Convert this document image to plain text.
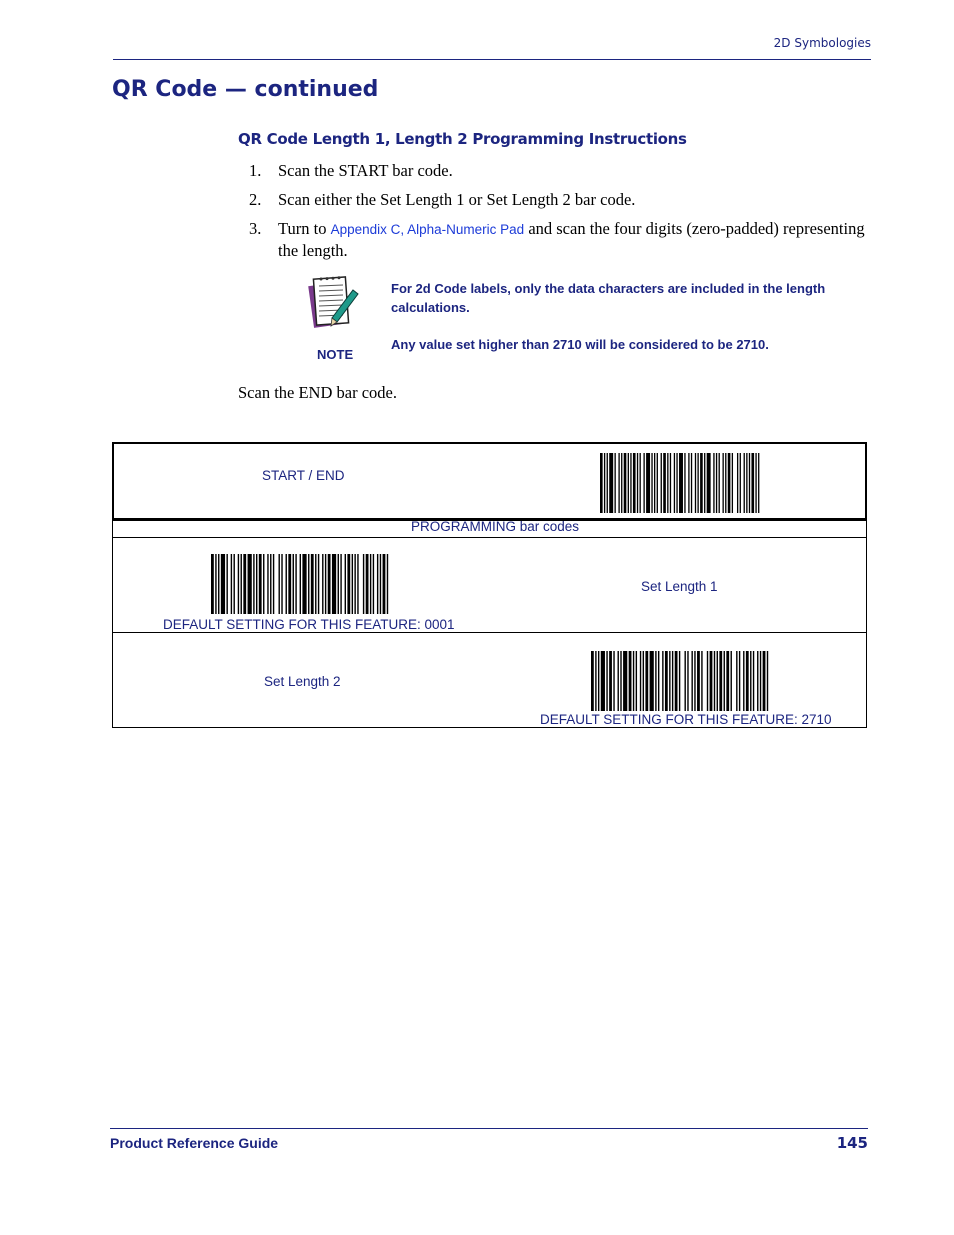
2D Symbologies
QR Code — continued
QR Code Length 1, Length 2 Programming Instructions
1. Scan the START bar code.
2. Scan either the Set Length 1 or Set Length 2 bar code.
3. Turn to Appendix C, Alpha-Numeric Pad and scan the four digits (zero-padded) representing the length.
NOTE

For 2d Code labels, only the data characters are included in the length calculations.

Any value set higher than 2710 will be considered to be 2710.

Scan the END bar code.
START / END
PROGRAMMING bar codes
DEFAULT SETTING FOR THIS FEATURE: 0001
Set Length 1
Set Length 2
DEFAULT SETTING FOR THIS FEATURE: 2710
Product Reference Guide	145
